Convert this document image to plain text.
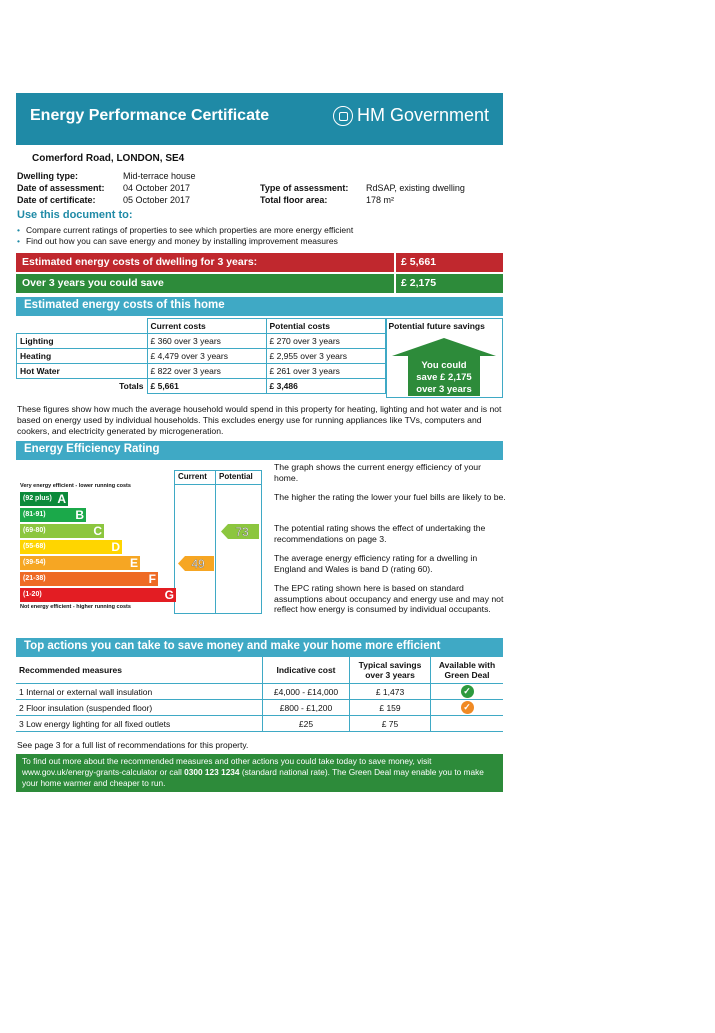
Energy Performance Certificate	HM Government
Comerford Road, LONDON, SE4
Dwelling type:	Mid-terrace house
Date of assessment: 04 October 2017
Date of certificate:	05 October 2017
Type of assessment: RdSAP, existing dwelling
Total floor area:	178 m²
Use this document to:
• Compare current ratings of properties to see which properties are more energy efficient
• Find out how you can save energy and money by installing improvement measures
Estimated energy costs of dwelling for 3 years:	£ 5,661
Over 3 years you could save	£ 2,175
Estimated energy costs of this home
	Current costs	Potential costs	Potential future savings
Lighting	£ 360 over 3 years	£ 270 over 3 years	
Heating	£ 4,479 over 3 years	£ 2,955 over 3 years	
Hot Water	£ 822 over 3 years	£ 261 over 3 years	
Totals	£ 5,661	£ 3,486	
You could
save £ 2,175
over 3 years
These figures show how much the average household would spend in this property for heating, lighting and hot water and is not based on energy used by individual households. This excludes energy use for running appliances like TVs, computers and cookers, and electricity generated by microgeneration.
Energy Efficiency Rating
Current Potential
Very energy efficient - lower running costs
Not energy efficient - higher running costs
(92 plus) A
(81-91) B
(69-80)	C
(55-68)	D
(39-54)	E
(21-38)	F
(1-20)	G
49
73
The graph shows the current energy efficiency of your home.
The higher the rating the lower your fuel bills are likely to be.
The potential rating shows the effect of undertaking the recommendations on page 3.
The average energy efficiency rating for a dwelling in England and Wales is band D (rating 60).
The EPC rating shown here is based on standard assumptions about occupancy and energy use and may not reflect how energy is consumed by individual occupants.
Top actions you can take to save money and make your home more efficient
Recommended measures	Indicative cost	Typical savings over 3 years	Available with Green Deal
1 Internal or external wall insulation	£4,000 - £14,000	£ 1,473	✓
2 Floor insulation (suspended floor)	£800 - £1,200	£ 159	✓
3 Low energy lighting for all fixed outlets	£25	£ 75	
See page 3 for a full list of recommendations for this property.
To find out more about the recommended measures and other actions you could take today to save money, visit www.gov.uk/energy-grants-calculator or call 0300 123 1234 (standard national rate). The Green Deal may enable you to make your home warmer and cheaper to run.
